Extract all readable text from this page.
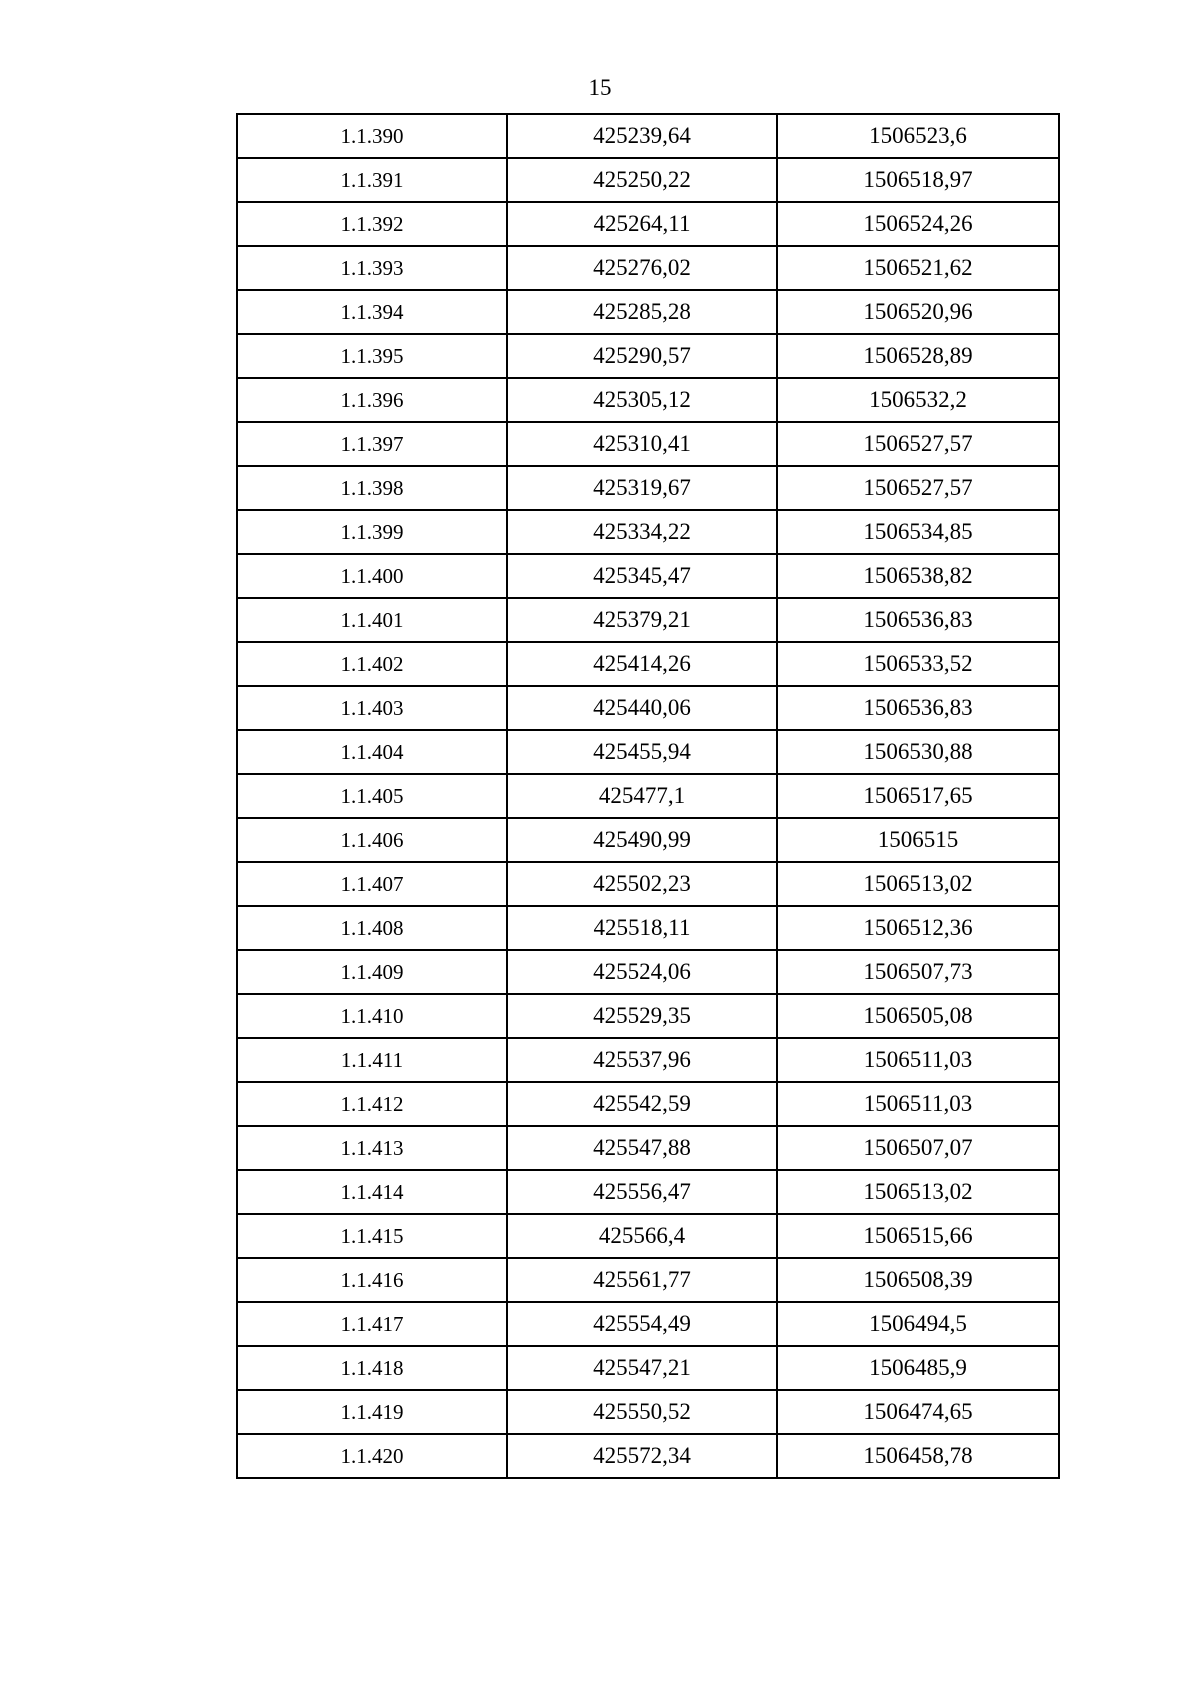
15
1.1.390	425239,64	1506523,6
1.1.391	425250,22	1506518,97
1.1.392	425264,11	1506524,26
1.1.393	425276,02	1506521,62
1.1.394	425285,28	1506520,96
1.1.395	425290,57	1506528,89
1.1.396	425305,12	1506532,2
1.1.397	425310,41	1506527,57
1.1.398	425319,67	1506527,57
1.1.399	425334,22	1506534,85
1.1.400	425345,47	1506538,82
1.1.401	425379,21	1506536,83
1.1.402	425414,26	1506533,52
1.1.403	425440,06	1506536,83
1.1.404	425455,94	1506530,88
1.1.405	425477,1	1506517,65
1.1.406	425490,99	1506515
1.1.407	425502,23	1506513,02
1.1.408	425518,11	1506512,36
1.1.409	425524,06	1506507,73
1.1.410	425529,35	1506505,08
1.1.411	425537,96	1506511,03
1.1.412	425542,59	1506511,03
1.1.413	425547,88	1506507,07
1.1.414	425556,47	1506513,02
1.1.415	425566,4	1506515,66
1.1.416	425561,77	1506508,39
1.1.417	425554,49	1506494,5
1.1.418	425547,21	1506485,9
1.1.419	425550,52	1506474,65
1.1.420	425572,34	1506458,78
